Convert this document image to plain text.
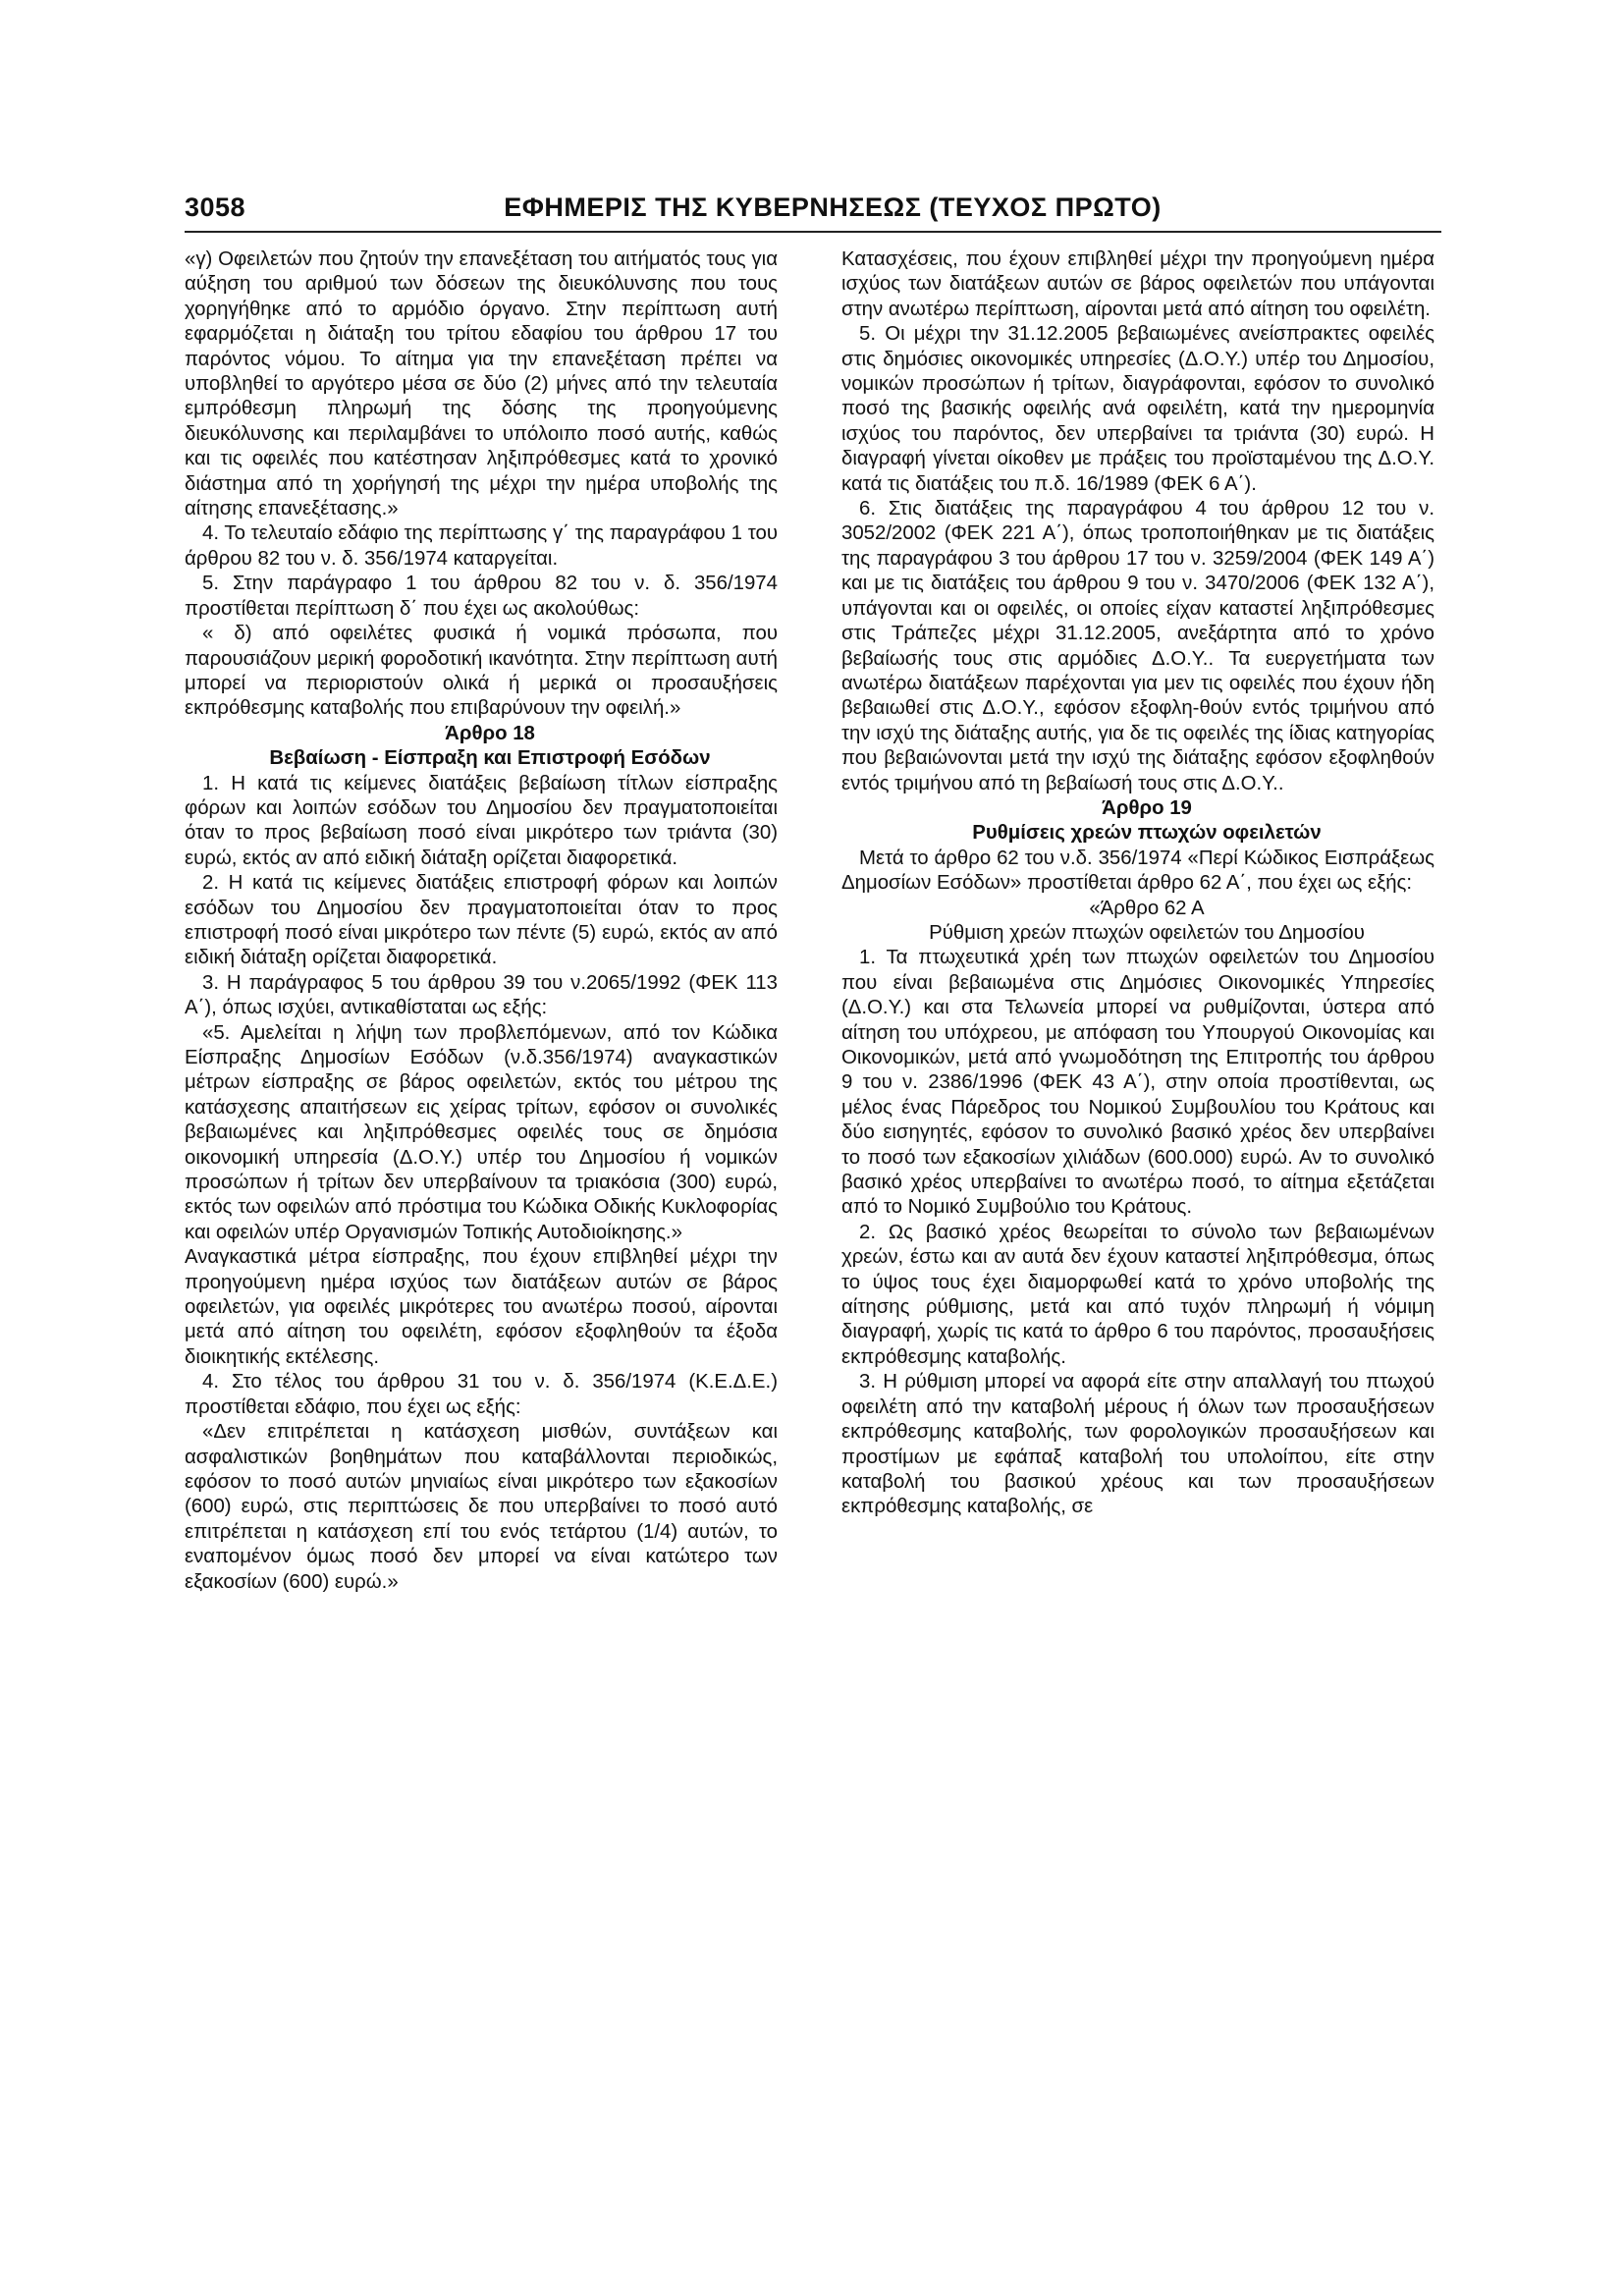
3058	ΕΦΗΜΕΡΙΣ ΤΗΣ ΚΥΒΕΡΝΗΣΕΩΣ (ΤΕΥΧΟΣ ΠΡΩΤΟ)

«γ) Οφειλετών που ζητούν την επανεξέταση του αιτήματός τους για αύξηση του αριθμού των δόσεων της διευκόλυνσης που τους χορηγήθηκε από το αρμόδιο όργανο. Στην περίπτωση αυτή εφαρμόζεται η διάταξη του τρίτου εδαφίου του άρθρου 17 του παρόντος νόμου. Το αίτημα για την επανεξέταση πρέπει να υποβληθεί το αργότερο μέσα σε δύο (2) μήνες από την τελευταία εμπρόθεσμη πληρωμή της δόσης της προηγούμενης διευκόλυνσης και περιλαμβάνει το υπόλοιπο ποσό αυτής, καθώς και τις οφειλές που κατέστησαν ληξιπρόθεσμες κατά το χρονικό διάστημα από τη χορήγησή της μέχρι την ημέρα υποβολής της αίτησης επανεξέτασης.»

4. Το τελευταίο εδάφιο της περίπτωσης γ΄ της παραγράφου 1 του άρθρου 82 του ν. δ. 356/1974 καταργείται.

5. Στην παράγραφο 1 του άρθρου 82 του ν. δ. 356/1974 προστίθεται περίπτωση δ΄ που έχει ως ακολούθως:

« δ) από οφειλέτες φυσικά ή νομικά πρόσωπα, που παρουσιάζουν μερική φοροδοτική ικανότητα. Στην περίπτωση αυτή μπορεί να περιοριστούν ολικά ή μερικά οι προσαυξήσεις εκπρόθεσμης καταβολής που επιβαρύνουν την οφειλή.»

Άρθρο 18

Βεβαίωση - Είσπραξη και Επιστροφή Εσόδων

1. Η κατά τις κείμενες διατάξεις βεβαίωση τίτλων είσπραξης φόρων και λοιπών εσόδων του Δημοσίου δεν πραγματοποιείται όταν το προς βεβαίωση ποσό είναι μικρότερο των τριάντα (30) ευρώ, εκτός αν από ειδική διάταξη ορίζεται διαφορετικά.

2. Η κατά τις κείμενες διατάξεις επιστροφή φόρων και λοιπών εσόδων του Δημοσίου δεν πραγματοποιείται όταν το προς επιστροφή ποσό είναι μικρότερο των πέντε (5) ευρώ, εκτός αν από ειδική διάταξη ορίζεται διαφορετικά.

3. Η παράγραφος 5 του άρθρου 39 του ν.2065/1992 (ΦΕΚ 113 Α΄), όπως ισχύει, αντικαθίσταται ως εξής:

«5. Αμελείται η λήψη των προβλεπόμενων, από τον Κώδικα Είσπραξης Δημοσίων Εσόδων (ν.δ.356/1974) αναγκαστικών μέτρων είσπραξης σε βάρος οφειλετών, εκτός του μέτρου της κατάσχεσης απαιτήσεων εις χείρας τρίτων, εφόσον οι συνολικές βεβαιωμένες και ληξιπρόθεσμες οφειλές τους σε δημόσια οικονομική υπηρεσία (Δ.Ο.Υ.) υπέρ του Δημοσίου ή νομικών προσώπων ή τρίτων δεν υπερβαίνουν τα τριακόσια (300) ευρώ, εκτός των οφειλών από πρόστιμα του Κώδικα Οδικής Κυκλοφορίας και οφειλών υπέρ Οργανισμών Τοπικής Αυτοδιοίκησης.»

Αναγκαστικά μέτρα είσπραξης, που έχουν επιβληθεί μέχρι την προηγούμενη ημέρα ισχύος των διατάξεων αυτών σε βάρος οφειλετών, για οφειλές μικρότερες του ανωτέρω ποσού, αίρονται μετά από αίτηση του οφειλέτη, εφόσον εξοφληθούν τα έξοδα διοικητικής εκτέλεσης.

4. Στο τέλος του άρθρου 31 του ν. δ. 356/1974 (Κ.Ε.Δ.Ε.) προστίθεται εδάφιο, που έχει ως εξής:

«Δεν επιτρέπεται η κατάσχεση μισθών, συντάξεων και ασφαλιστικών βοηθημάτων που καταβάλλονται περιοδικώς, εφόσον το ποσό αυτών μηνιαίως είναι μικρότερο των εξακοσίων (600) ευρώ, στις περιπτώσεις δε που υπερβαίνει το ποσό αυτό επιτρέπεται η κατάσχεση επί του ενός τετάρτου (1/4) αυτών, το εναπομένον όμως ποσό δεν μπορεί να είναι κατώτερο των εξακοσίων (600) ευρώ.»

Κατασχέσεις, που έχουν επιβληθεί μέχρι την προηγούμενη ημέρα ισχύος των διατάξεων αυτών σε βάρος οφειλετών που υπάγονται στην ανωτέρω περίπτωση, αίρονται μετά από αίτηση του οφειλέτη.

5. Οι μέχρι την 31.12.2005 βεβαιωμένες ανείσπρακτες οφειλές στις δημόσιες οικονομικές υπηρεσίες (Δ.Ο.Υ.) υπέρ του Δημοσίου, νομικών προσώπων ή τρίτων, διαγράφονται, εφόσον το συνολικό ποσό της βασικής οφειλής ανά οφειλέτη, κατά την ημερομηνία ισχύος του παρόντος, δεν υπερβαίνει τα τριάντα (30) ευρώ. Η διαγραφή γίνεται οίκοθεν με πράξεις του προϊσταμένου της Δ.Ο.Υ. κατά τις διατάξεις του π.δ. 16/1989 (ΦΕΚ 6 Α΄).

6. Στις διατάξεις της παραγράφου 4 του άρθρου 12 του ν. 3052/2002 (ΦΕΚ 221 Α΄), όπως τροποποιήθηκαν με τις διατάξεις της παραγράφου 3 του άρθρου 17 του ν. 3259/2004 (ΦΕΚ 149 Α΄) και με τις διατάξεις του άρθρου 9 του ν. 3470/2006 (ΦΕΚ 132 Α΄), υπάγονται και οι οφειλές, οι οποίες είχαν καταστεί ληξιπρόθεσμες στις Τράπεζες μέχρι 31.12.2005, ανεξάρτητα από το χρόνο βεβαίωσής τους στις αρμόδιες Δ.Ο.Υ.. Τα ευεργετήματα των ανωτέρω διατάξεων παρέχονται για μεν τις οφειλές που έχουν ήδη βεβαιωθεί στις Δ.Ο.Υ., εφόσον εξοφλη-θούν εντός τριμήνου από την ισχύ της διάταξης αυτής, για δε τις οφειλές της ίδιας κατηγορίας που βεβαιώνονται μετά την ισχύ της διάταξης εφόσον εξοφληθούν εντός τριμήνου από τη βεβαίωσή τους στις Δ.Ο.Υ..

Άρθρο 19

Ρυθμίσεις χρεών πτωχών οφειλετών

Μετά το άρθρο 62 του ν.δ. 356/1974 «Περί Κώδικος Εισπράξεως Δημοσίων Εσόδων» προστίθεται άρθρο 62 Α΄, που έχει ως εξής:

«Άρθρο 62 Α

Ρύθμιση χρεών πτωχών οφειλετών του Δημοσίου

1. Τα πτωχευτικά χρέη των πτωχών οφειλετών του Δημοσίου που είναι βεβαιωμένα στις Δημόσιες Οικονομικές Υπηρεσίες (Δ.Ο.Υ.) και στα Τελωνεία μπορεί να ρυθμίζονται, ύστερα από αίτηση του υπόχρεου, με απόφαση του Υπουργού Οικονομίας και Οικονομικών, μετά από γνωμοδότηση της Επιτροπής του άρθρου 9 του ν. 2386/1996 (ΦΕΚ 43 Α΄), στην οποία προστίθενται, ως μέλος ένας Πάρεδρος του Νομικού Συμβουλίου του Κράτους και δύο εισηγητές, εφόσον το συνολικό βασικό χρέος δεν υπερβαίνει το ποσό των εξακοσίων χιλιάδων (600.000) ευρώ. Αν το συνολικό βασικό χρέος υπερβαίνει το ανωτέρω ποσό, το αίτημα εξετάζεται από το Νομικό Συμβούλιο του Κράτους.

2. Ως βασικό χρέος θεωρείται το σύνολο των βεβαιωμένων χρεών, έστω και αν αυτά δεν έχουν καταστεί ληξιπρόθεσμα, όπως το ύψος τους έχει διαμορφωθεί κατά το χρόνο υποβολής της αίτησης ρύθμισης, μετά και από τυχόν πληρωμή ή νόμιμη διαγραφή, χωρίς τις κατά το άρθρο 6 του παρόντος, προσαυξήσεις εκπρόθεσμης καταβολής.

3. Η ρύθμιση μπορεί να αφορά είτε στην απαλλαγή του πτωχού οφειλέτη από την καταβολή μέρους ή όλων των προσαυξήσεων εκπρόθεσμης καταβολής, των φορολογικών προσαυξήσεων και προστίμων με εφάπαξ καταβολή του υπολοίπου, είτε στην καταβολή του βασικού χρέους και των προσαυξήσεων εκπρόθεσμης καταβολής, σε
